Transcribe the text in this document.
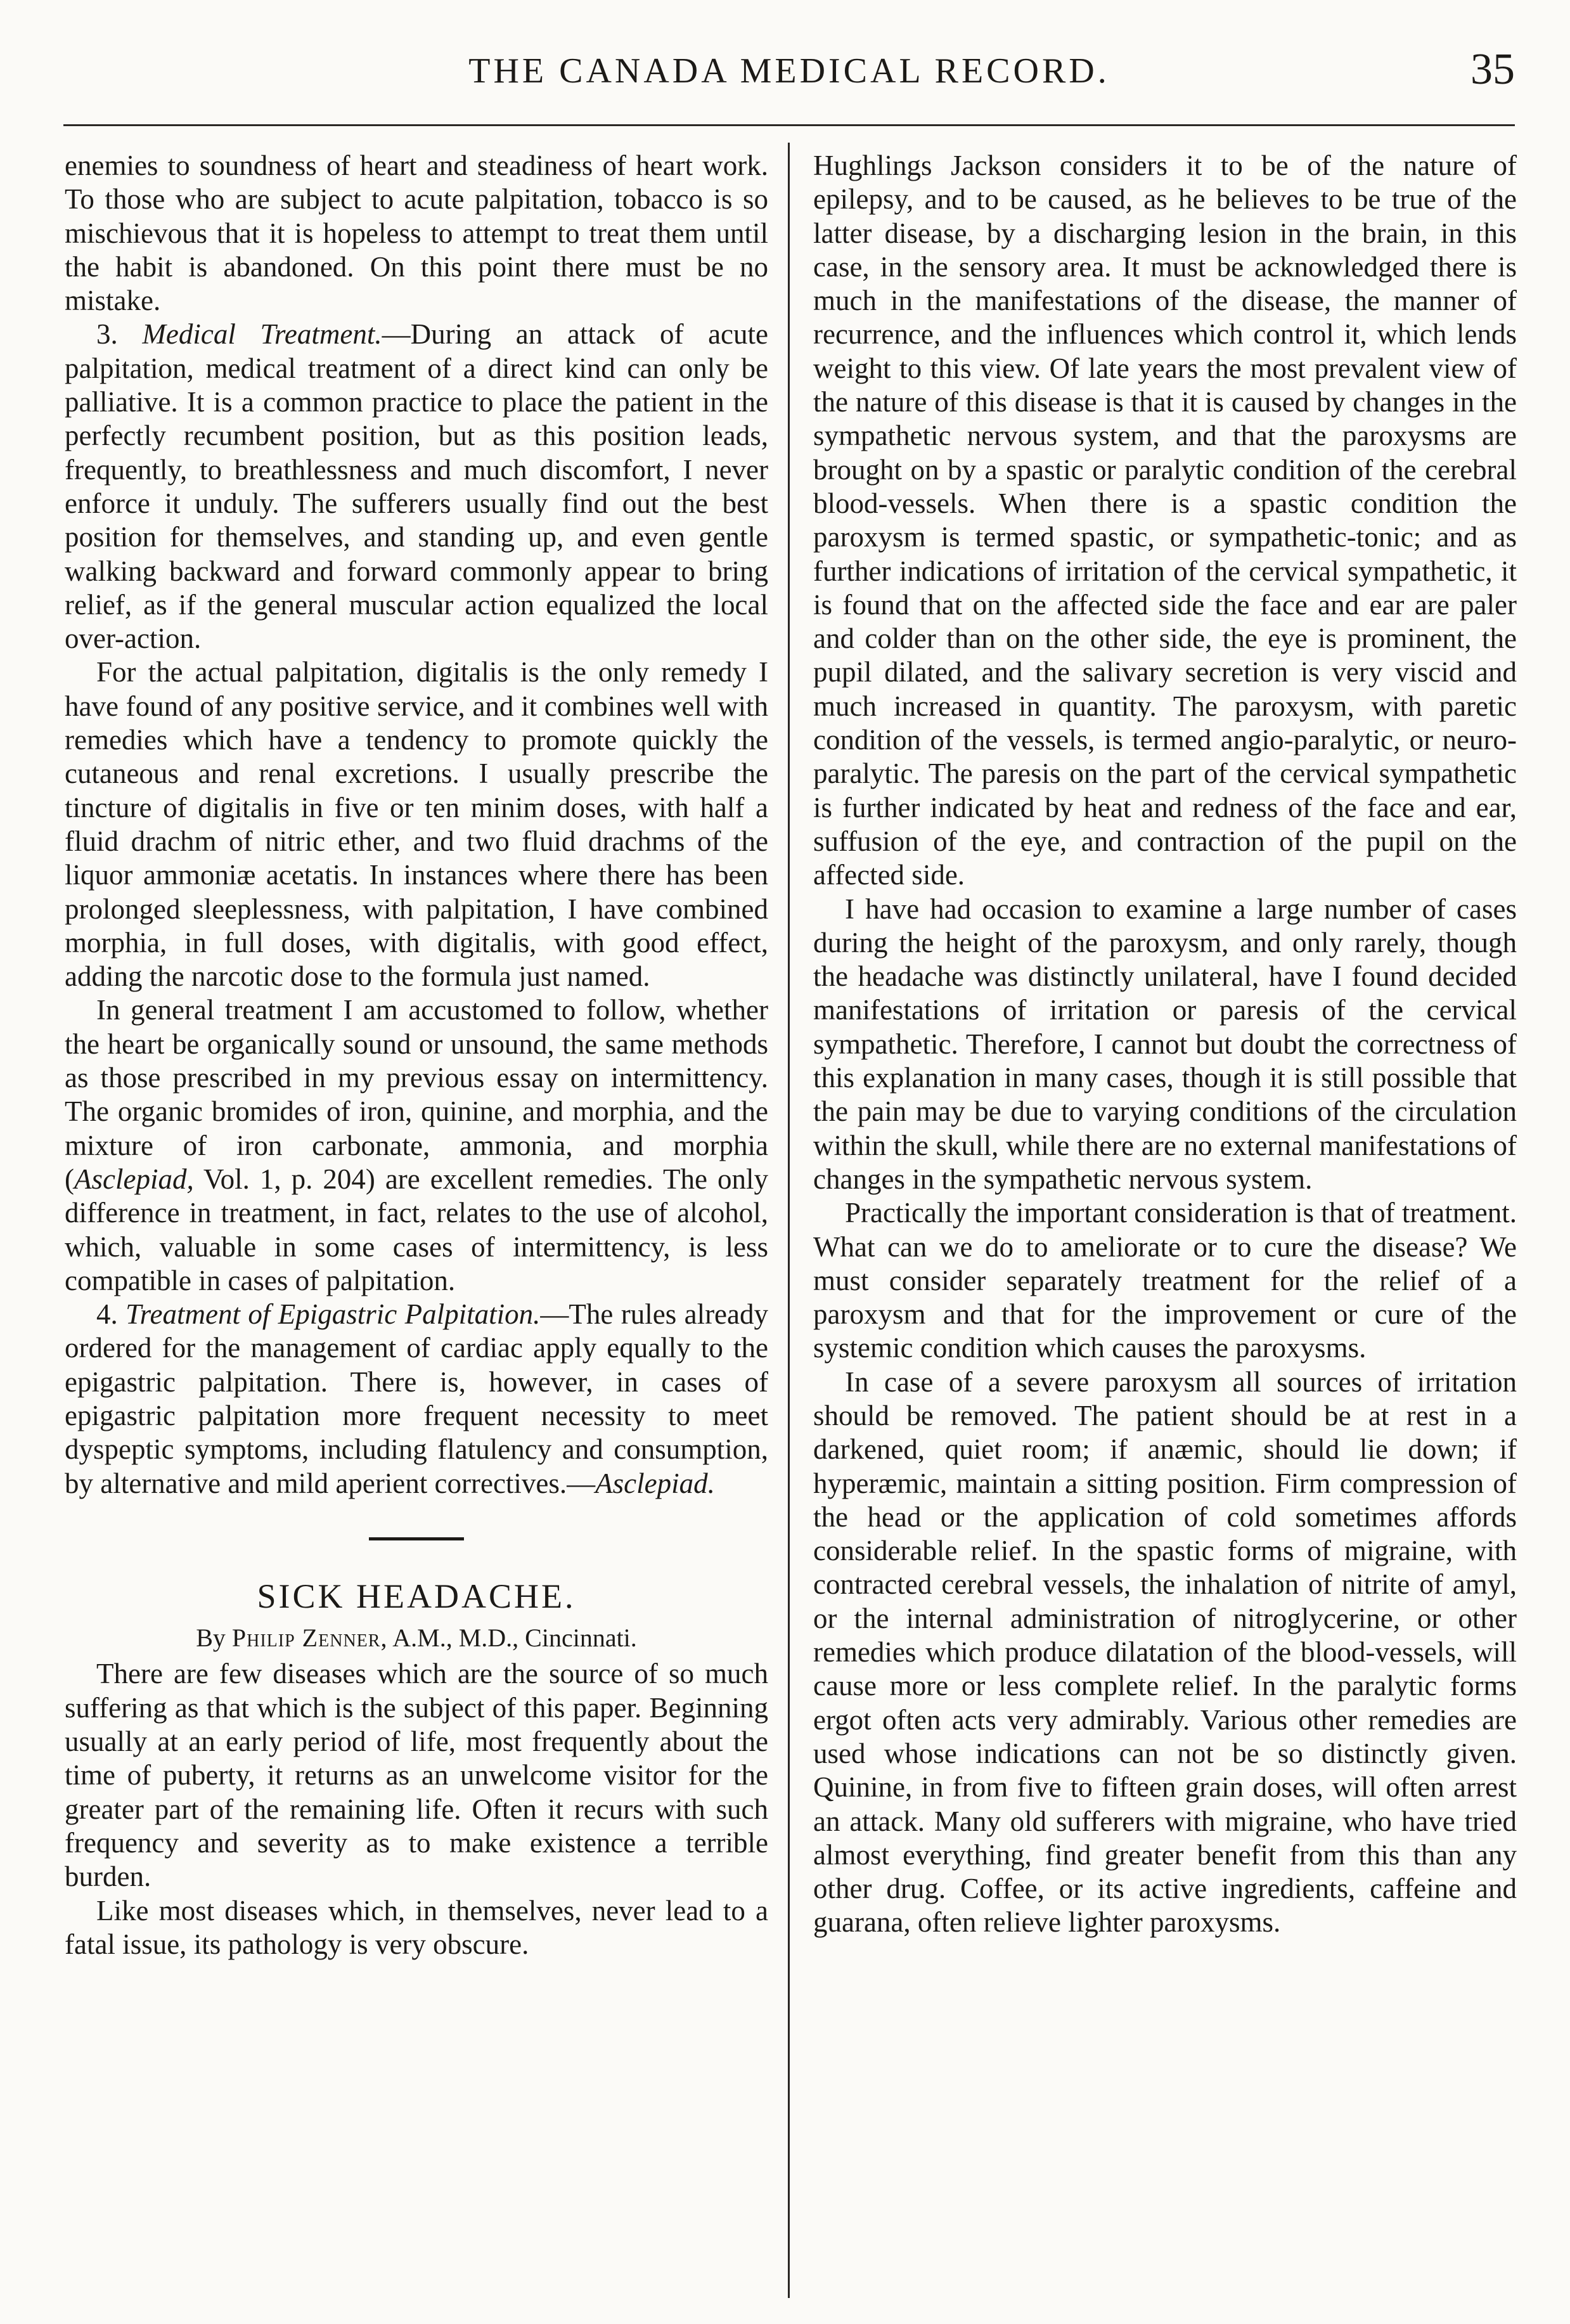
THE CANADA MEDICAL RECORD.	35

enemies to soundness of heart and steadiness of heart work. To those who are subject to acute palpitation, tobacco is so mischievous that it is hopeless to attempt to treat them until the habit is abandoned. On this point there must be no mistake.

3. Medical Treatment.—During an attack of acute palpitation, medical treatment of a direct kind can only be palliative. It is a common practice to place the patient in the perfectly recumbent position, but as this position leads, frequently, to breathlessness and much discomfort, I never enforce it unduly. The sufferers usually find out the best position for themselves, and standing up, and even gentle walking backward and forward commonly appear to bring relief, as if the general muscular action equalized the local over-action.

For the actual palpitation, digitalis is the only remedy I have found of any positive service, and it combines well with remedies which have a tendency to promote quickly the cutaneous and renal excretions. I usually prescribe the tincture of digitalis in five or ten minim doses, with half a fluid drachm of nitric ether, and two fluid drachms of the liquor ammoniæ acetatis. In instances where there has been prolonged sleeplessness, with palpitation, I have combined morphia, in full doses, with digitalis, with good effect, adding the narcotic dose to the formula just named.

In general treatment I am accustomed to follow, whether the heart be organically sound or unsound, the same methods as those prescribed in my previous essay on intermittency. The organic bromides of iron, quinine, and morphia, and the mixture of iron carbonate, ammonia, and morphia (Asclepiad, Vol. 1, p. 204) are excellent remedies. The only difference in treatment, in fact, relates to the use of alcohol, which, valuable in some cases of intermittency, is less compatible in cases of palpitation.

4. Treatment of Epigastric Palpitation.—The rules already ordered for the management of cardiac apply equally to the epigastric palpitation. There is, however, in cases of epigastric palpitation more frequent necessity to meet dyspeptic symptoms, including flatulency and consumption, by alternative and mild aperient correctives.—Asclepiad.

SICK HEADACHE.
By Philip Zenner, A.M., M.D., Cincinnati.

There are few diseases which are the source of so much suffering as that which is the subject of this paper. Beginning usually at an early period of life, most frequently about the time of puberty, it returns as an unwelcome visitor for the greater part of the remaining life. Often it recurs with such frequency and severity as to make existence a terrible burden.

Like most diseases which, in themselves, never lead to a fatal issue, its pathology is very obscure.

Hughlings Jackson considers it to be of the nature of epilepsy, and to be caused, as he believes to be true of the latter disease, by a discharging lesion in the brain, in this case, in the sensory area. It must be acknowledged there is much in the manifestations of the disease, the manner of recurrence, and the influences which control it, which lends weight to this view. Of late years the most prevalent view of the nature of this disease is that it is caused by changes in the sympathetic nervous system, and that the paroxysms are brought on by a spastic or paralytic condition of the cerebral blood-vessels. When there is a spastic condition the paroxysm is termed spastic, or sympathetic-tonic; and as further indications of irritation of the cervical sympathetic, it is found that on the affected side the face and ear are paler and colder than on the other side, the eye is prominent, the pupil dilated, and the salivary secretion is very viscid and much increased in quantity. The paroxysm, with paretic condition of the vessels, is termed angio-paralytic, or neuro-paralytic. The paresis on the part of the cervical sympathetic is further indicated by heat and redness of the face and ear, suffusion of the eye, and contraction of the pupil on the affected side.

I have had occasion to examine a large number of cases during the height of the paroxysm, and only rarely, though the headache was distinctly unilateral, have I found decided manifestations of irritation or paresis of the cervical sympathetic. Therefore, I cannot but doubt the correctness of this explanation in many cases, though it is still possible that the pain may be due to varying conditions of the circulation within the skull, while there are no external manifestations of changes in the sympathetic nervous system.

Practically the important consideration is that of treatment. What can we do to ameliorate or to cure the disease? We must consider separately treatment for the relief of a paroxysm and that for the improvement or cure of the systemic condition which causes the paroxysms.

In case of a severe paroxysm all sources of irritation should be removed. The patient should be at rest in a darkened, quiet room; if anæmic, should lie down; if hyperæmic, maintain a sitting position. Firm compression of the head or the application of cold sometimes affords considerable relief. In the spastic forms of migraine, with contracted cerebral vessels, the inhalation of nitrite of amyl, or the internal administration of nitroglycerine, or other remedies which produce dilatation of the blood-vessels, will cause more or less complete relief. In the paralytic forms ergot often acts very admirably. Various other remedies are used whose indications can not be so distinctly given. Quinine, in from five to fifteen grain doses, will often arrest an attack. Many old sufferers with migraine, who have tried almost everything, find greater benefit from this than any other drug. Coffee, or its active ingredients, caffeine and guarana, often relieve lighter paroxysms.
